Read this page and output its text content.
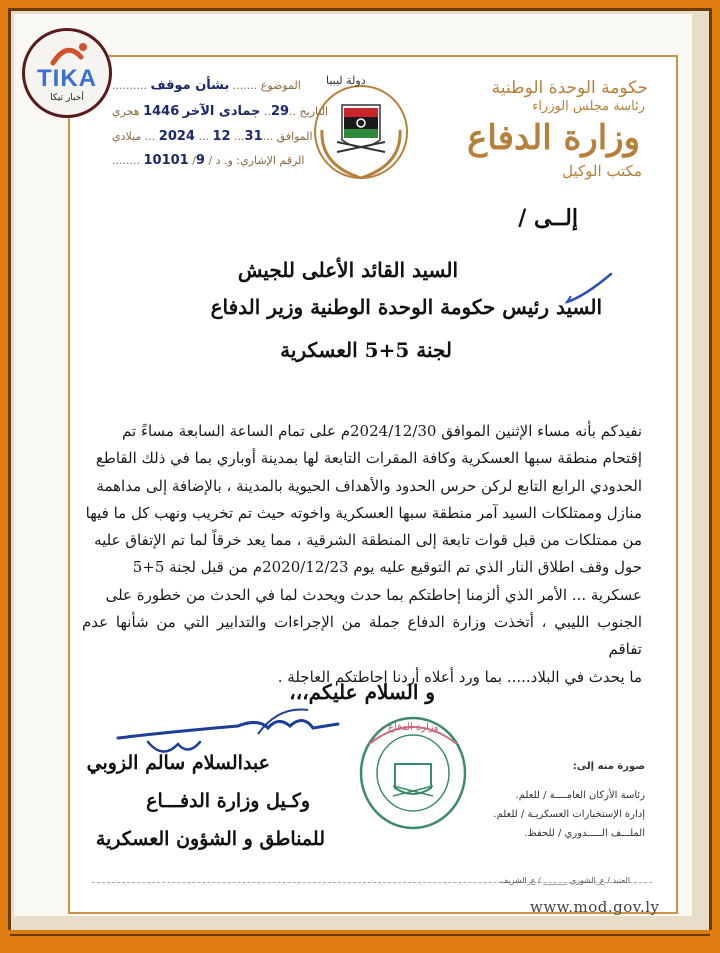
TIKA
أخبار تيكا	حكومة الوحدة الوطنية
رئاسة مجلس الوزراء
وزارة الدفاع
مكتب الوكيل
دولة ليبيا
الموضوع ....... بشأن موقف ..........
التاريخ ..29.. جمادى الآخر 1446 هجري
الموافق ...31... 12 ... 2024 ... ميلادي
الرقم الإشاري: و. د / 9/ 10101 ........
إلــى /
السيد القائد الأعلى للجيش
السيد رئيس حكومة الوحدة الوطنية وزير الدفاع
لجنة 5+5 العسكرية

نفيدكم بأنه مساء الإثنين الموافق 2024/12/30م على تمام الساعة السابعة مساءً تم

إقتحام منطقة سبها العسكرية وكافة المقرات التابعة لها بمدينة أوباري بما في ذلك القاطع

الحدودي الرابع التابع لركن حرس الحدود والأهداف الحيوية بالمدينة ، بالإضافة إلى مداهمة

منازل وممتلكات السيد آمر منطقة سبها العسكرية واخوته حيث تم تخريب ونهب كل ما فيها

من ممتلكات من قبل قوات تابعة إلى المنطقة الشرقية ، مما يعد خرقاً لما تم الإتفاق عليه

حول وقف اطلاق النار الذي تم التوقيع عليه يوم 2020/12/23م من قبل لجنة 5+5

عسكرية ... الأمر الذي ألزمنا إحاطتكم بما حدث ويحدث لما في الحدث من خطورة على

الجنوب الليبي ، أتخذت وزارة الدفاع جملة من الإجراءات والتدابير التي من شأنها عدم تفاقم

ما يحدث في البلاد..... بما ورد أعلاه أردنا إحاطتكم العاجلة .

و السلام عليكم،،،
عبدالسلام سالم الزوبي
وكـيل وزارة الدفـــاع
للمناطق و الشؤون العسكرية
وزارة الدفاع
صورة منه إلى:
رئاسة الأركان العامــــة / للعلم.
إدارة الإستخبارات العسكريـة / للعلم.
الملـــف الـــــدوري / للحفظ.
العنبد / ع_الشوري ______ / ع_الشريف
www.mod.gov.ly
